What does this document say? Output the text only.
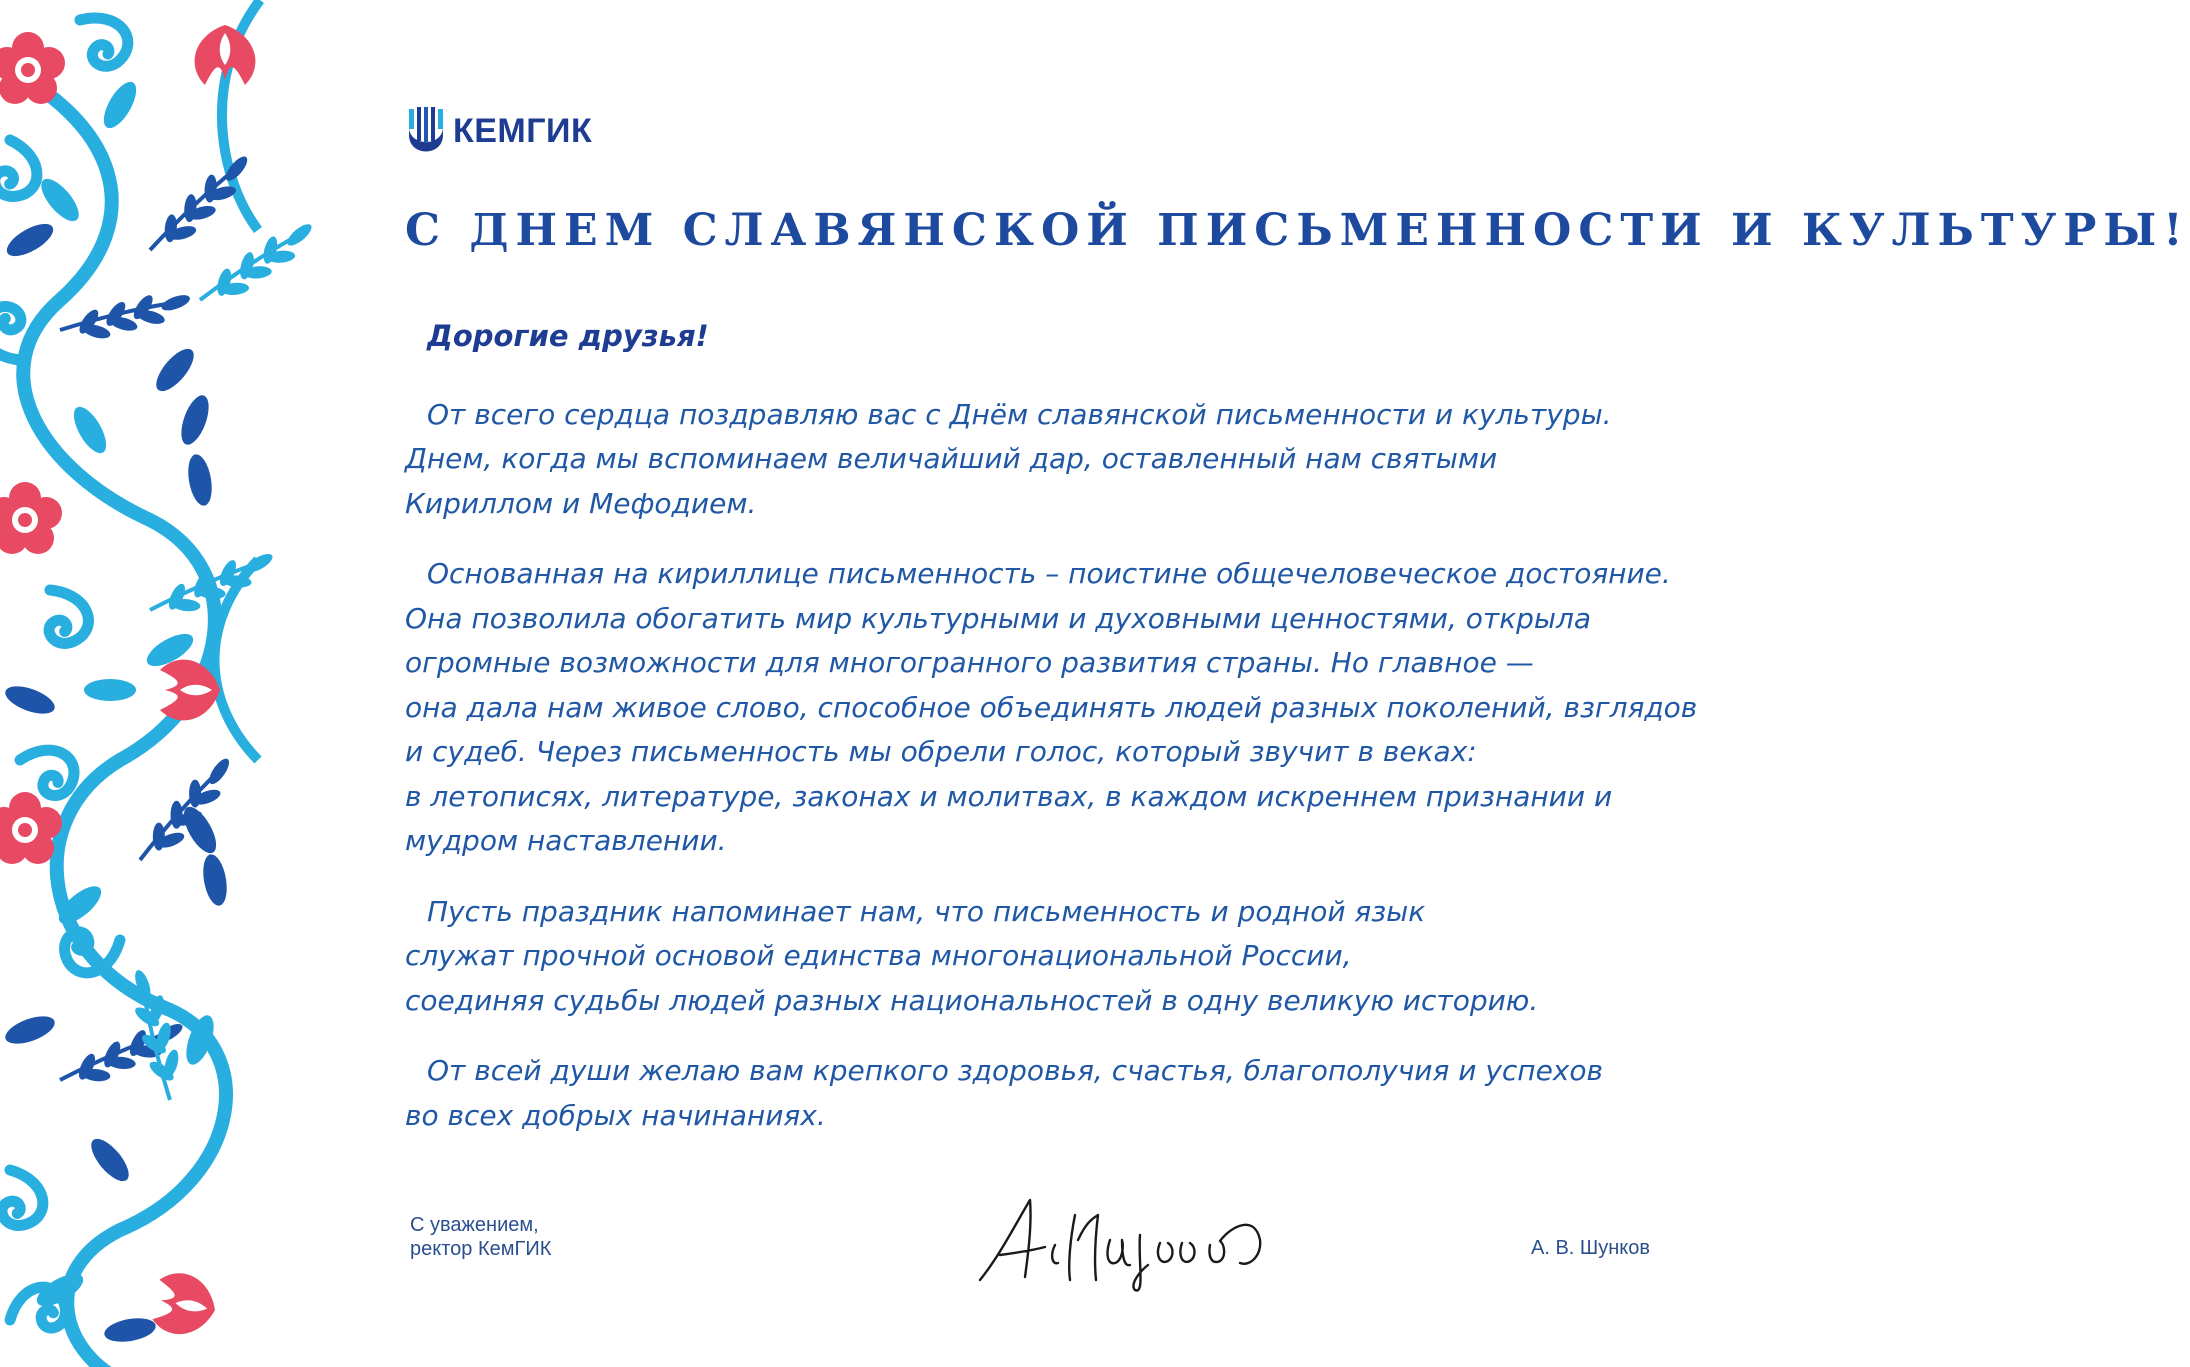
КЕМГИК
С ДНЕМ СЛАВЯНСКОЙ ПИСЬМЕННОСТИ И КУЛЬТУРЫ!

Дорогие друзья!

От всего сердца поздравляю вас с Днём славянской письменности и культуры.
Днем, когда мы вспоминаем величайший дар, оставленный нам святыми
Кириллом и Мефодием.

Основанная на кириллице письменность – поистине общечеловеческое достояние.
Она позволила обогатить мир культурными и духовными ценностями, открыла
огромные возможности для многогранного развития страны. Но главное —
она дала нам живое слово, способное объединять людей разных поколений, взглядов
и судеб. Через письменность мы обрели голос, который звучит в веках:
в летописях, литературе, законах и молитвах, в каждом искреннем признании и
мудром наставлении.

Пусть праздник напоминает нам, что письменность и родной язык
служат прочной основой единства многонациональной России,
соединяя судьбы людей разных национальностей в одну великую историю.

От всей души желаю вам крепкого здоровья, счастья, благополучия и успехов
во всех добрых начинаниях.

С уважением,
ректор КемГИК	А. В. Шунков
